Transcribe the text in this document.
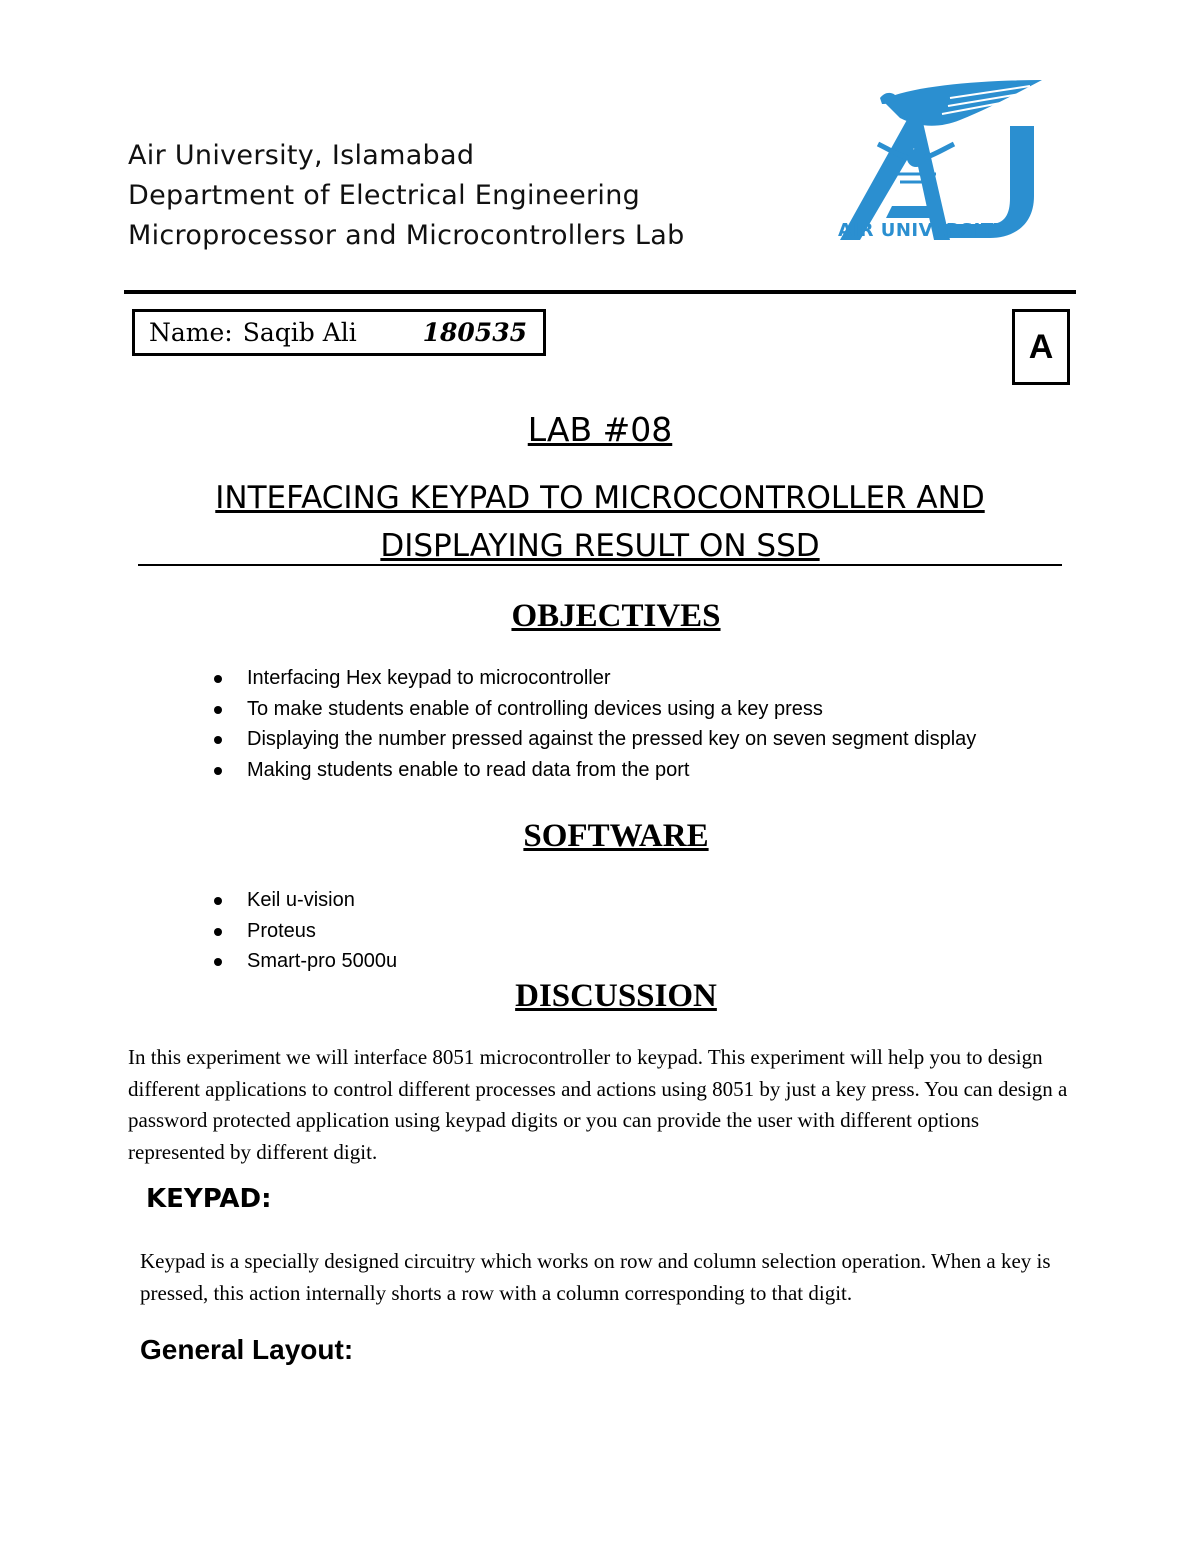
Air University, Islamabad
Department of Electrical Engineering
Microprocessor and Microcontrollers Lab	AIR UNIVERSITY
Name: Saqib Ali	180535	A
LAB #08
INTEFACING KEYPAD TO MICROCONTROLLER AND
DISPLAYING RESULT ON SSD
OBJECTIVES
Interfacing Hex keypad to microcontroller
To make students enable of controlling devices using a key press
Displaying the number pressed against the pressed key on seven segment display
Making students enable to read data from the port
SOFTWARE
Keil u-vision
Proteus
Smart-pro 5000u
DISCUSSION
In this experiment we will interface 8051 microcontroller to keypad. This experiment will help you to design different applications to control different processes and actions using 8051 by just a key press. You can design a password protected application using keypad digits or you can provide the user with different options represented by different digit.
KEYPAD:
Keypad is a specially designed circuitry which works on row and column selection operation. When a key is pressed, this action internally shorts a row with a column corresponding to that digit.
General Layout:
